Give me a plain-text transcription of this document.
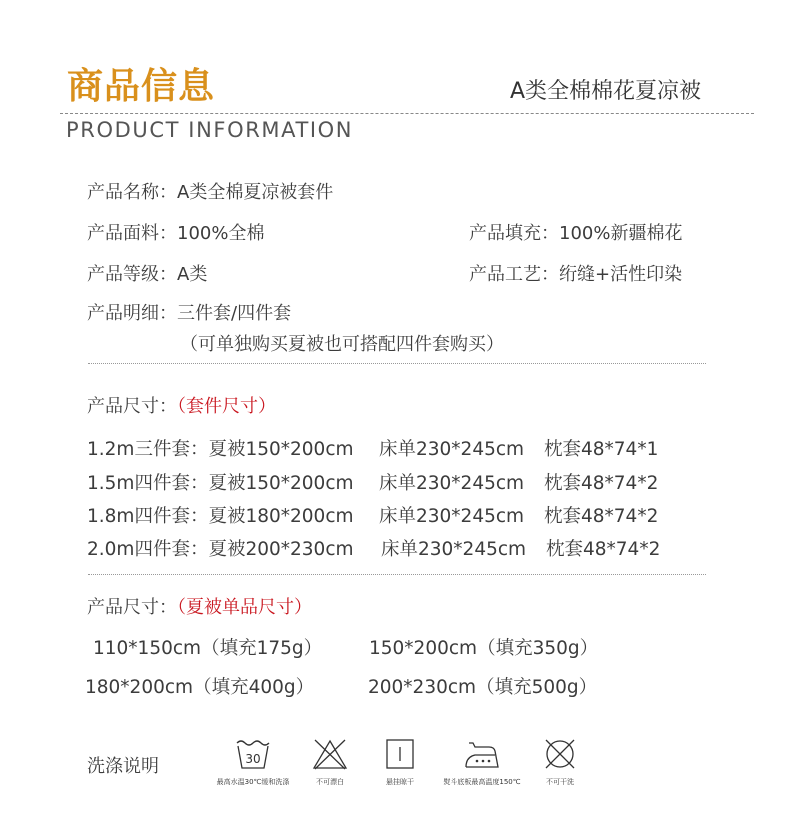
商品信息	A类全棉棉花夏凉被
PRODUCT INFORMATION
产品名称：A类全棉夏凉被套件
产品面料：100%全棉	产品填充：100%新疆棉花
产品等级：A类	产品工艺：绗缝+活性印染
产品明细：三件套/四件套
（可单独购买夏被也可搭配四件套购买）
产品尺寸：（套件尺寸）
1.2m三件套：夏被150*200cm 床单230*245cm 枕套48*74*1
1.5m四件套：夏被150*200cm 床单230*245cm 枕套48*74*2
1.8m四件套：夏被180*200cm 床单230*245cm 枕套48*74*2
2.0m四件套：夏被200*230cm 床单230*245cm 枕套48*74*2
产品尺寸：（夏被单品尺寸）
110*150cm（填充175g）	150*200cm（填充350g）
180*200cm（填充400g）	200*230cm（填充500g）
洗涤说明	30
最高水温30℃缓和洗涤	不可漂白	悬挂晾干	熨斗底板最高温度150℃	不可干洗
